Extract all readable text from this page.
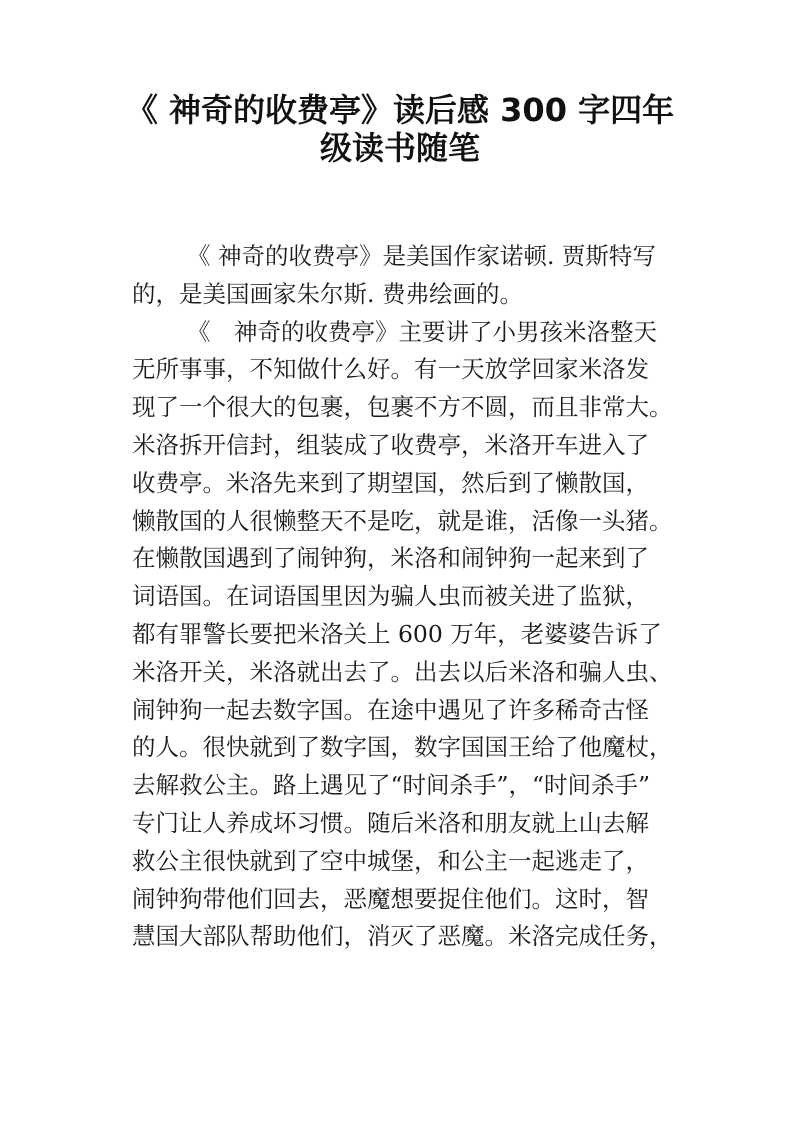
《 神奇的收费亭》读后感 300 字四年
级读书随笔
《 神奇的收费亭》是美国作家诺顿. 贾斯特写
的，是美国画家朱尔斯. 费弗绘画的。
《　神奇的收费亭》主要讲了小男孩米洛整天
无所事事，不知做什么好。有一天放学回家米洛发
现了一个很大的包裹，包裹不方不圆，而且非常大。
米洛拆开信封，组装成了收费亭，米洛开车进入了
收费亭。米洛先来到了期望国，然后到了懒散国，
懒散国的人很懒整天不是吃，就是谁，活像一头猪。
在懒散国遇到了闹钟狗，米洛和闹钟狗一起来到了
词语国。在词语国里因为骗人虫而被关进了监狱，
都有罪警长要把米洛关上 600 万年，老婆婆告诉了
米洛开关，米洛就出去了。出去以后米洛和骗人虫、
闹钟狗一起去数字国。在途中遇见了许多稀奇古怪
的人。很快就到了数字国，数字国国王给了他魔杖，
去解救公主。路上遇见了“时间杀手”，“时间杀手”
专门让人养成坏习惯。随后米洛和朋友就上山去解
救公主很快就到了空中城堡，和公主一起逃走了，
闹钟狗带他们回去，恶魔想要捉住他们。这时，智
慧国大部队帮助他们，消灭了恶魔。米洛完成任务，
